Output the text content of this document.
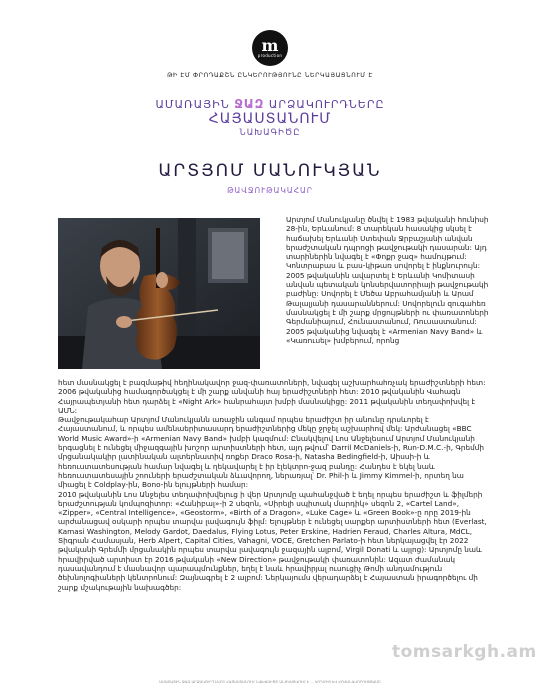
m
production
ԹԻ ԷՄ ՓՐՈԴԱՔՇՆ ԸՆԿԵՐՈՒԹՅՈՒՆԸ ՆԵՐԿԱՅԱՑՆՈՒՄ Է
ԱՄԱՌԱՅԻՆ ՋԱԶ ԱՐՁԱԿՈՒՐԴՆԵՐԸ
ՀԱՅԱՍՏԱՆՈՒՄ
ՆԱԽԱԳԻԾԸ
ԱՐՏՅՈՄ ՄԱՆՈՒԿՅԱՆ
ԹԱՎՋՈՒԹԱԿԱՀԱՐ

Արտյոմ Մանուկյանը ծնվել է 1983 թվականի հունիսի 28-ին, Երևանում: 8 տարեկան հասակից սկսել է հաճախել Երևանի Ստեփան Ջրբաշյանի անվան երաժշտական դպրոցի թավջութակի դասարան: Այդ տարիներին նվագել է «Փոքր ջազ» համույթում: Կոնտրաբաս և բաս-կիթառ սովորել է ինքնուրույն: 2005 թվականին ավարտել է Երևանի Կոմիտասի անվան պետական կոնսերվատորիայի թավջութակի բաժինը: Սովորել է Մեծա Աբրահամյանի և Արամ Թալալյանի դասարաններում: Սովորելուն զուգահեռ մասնակցել է մի շարք մրցույթների ու փառատոների Գերմանիայում, Հունաստանում, Ռուսաստանում: 2005 թվականից նվագել է «Armenian Navy Band» և «Կառուսել» խմբերում, որոնց

հետ մասնակցել է բազմաթիվ հեղինակավոր ջազ-փառատոների, նվագել աշխարհահռչակ երաժիշտների հետ: 2006 թվականից համագործակցել է մի շարք անվանի հայ երաժիշտների հետ: 2010 թվականին Վահագն Հայրապետյանի հետ դարձել է «Night Ark» հանրահայտ խմբի մասնակիցը: 2011 թվականին տեղափոխվել է ԱՄՆ:

Թավջութակահար Արտյոմ Մանուկյանն առաջին անգամ որպես երաժիշտ իր անունը դրսևորել է Հայաստանում, և որպես ամենաերիտասարդ երաժիշտներից մեկը ջրջել աշխարհով մեկ: Արժանացել «BBC World Music Award»-ի «Armenian Navy Band» խմբի կազմում: Ընակվելով Լոս Անջելեսում Արտյոմ Մանուկյանի երգացնել է ունեցել միջազգային խոշոր արտիստների հետ, այդ թվում՝ Darril McDaniels-ի, Run-D.M.C.-ի, Գրեմմի մրցանակակիր լատինական ալտերնատիվ ռոքեր Draco Rosa-ի, Natasha Bedingfield-ի, Աիսսի-ի և հեռուստատեսության համար նվագել և ղեկավարել է իր էլեկտրո-ջազ բանդը: Հանդես է եկել նաև հեռուստատեսային շոուների երաժշտական ձևավորող, ներառյալ՝ Dr. Phil-ի և Jimmy Kimmel-ի, որտեղ նա միացել է Coldplay-ին, Bono-ին ելույթների համար:

2010 թվականին Լոս Անջելես տեղափոխվելուց ի վեր Արտյոմը պահանջված է եղել որպես երաժիշտ և ֆիլմերի երաժշտության կոմպոզիտոր: «Հանիբալ»-ի 2 սեզոն, «Սիրելի սպիտակ մարդիկ» սեզոն 2, «Cartel Land», «Zipper», «Central Intelligence», «Geostorm», «Birth of a Dragon», «Luke Cage» և «Green Book»-ը որը 2019-ին արժանացավ օսկարի որպես տարվա լավագույն ֆիլմ: Ելույթներ է ունեցել սարքեր արտիստների հետ (Everlast, Kamasi Washington, Melody Gardot, Daedalus, Flying Lotus, Peter Erskine, Hadrien Feraud, Charles Altura, MdCL, Տիգրան Համասյան, Herb Alpert, Capital Cities, Vahagni, VOCE, Gretchen Parlato-ի հետ ներկայացվել էր 2022 թվականի Գրեմմի մրցանակին որպես տարվա լավագույն ջազային ալբոմ, Virgil Donati և այլոց): Արտյոմը նաև հրավիրված արտիստ էր 2016 թվականի «New Direction» թավջութակի փառատոնին: Ազատ ժամանակ դասավանդում է մասնավոր պարապմունքներ, եղել է նաև հրավիրյալ ուսուցիչ Թոմի անդամություն ծեխնոլոգիաների կենտրոնում: Զայնագրել է 2 ալբոմ: Ներկայումս վերադարձել է Հայաստան իրագործելու մի շարք մշակութային նախագծեր:

tomsarkgh.am
ԱՄԱՌԱՅԻՆ ՋԱԶ ԱՐՁԱԿՈՒՐԴՆԵՐԸ ՀԱՅԱՍՏԱՆՈՒՄ ՆԱԽԱԳԻԾԸ ԱՆՑԿԱՑՎՈՒՄ Է ... ԿՈՂՄԻՑ ԵՎ ՀՈՎԱՆԱՎՈՐՈՒԹՅԱՄԲ
